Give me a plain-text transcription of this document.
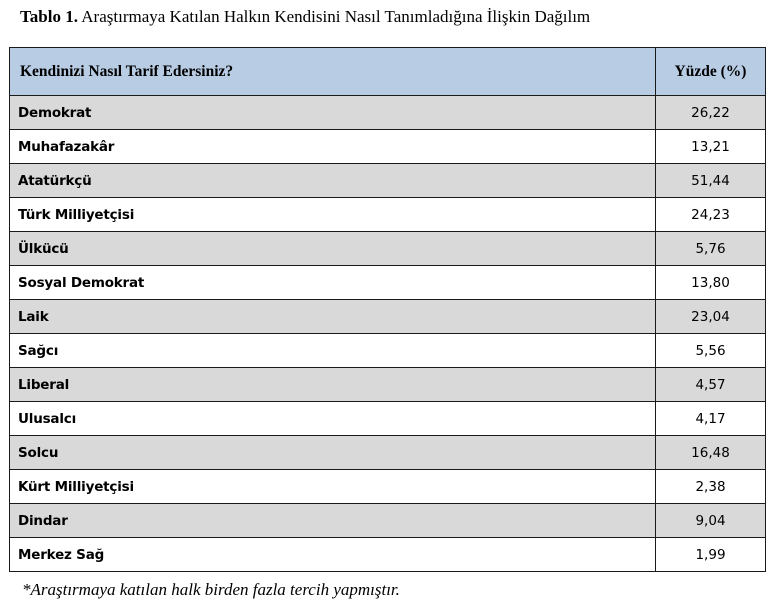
Tablo 1. Araştırmaya Katılan Halkın Kendisini Nasıl Tanımladığına İlişkin Dağılım
Kendinizi Nasıl Tarif Edersiniz?	Yüzde (%)
Demokrat	26,22
Muhafazakâr	13,21
Atatürkçü	51,44
Türk Milliyetçisi	24,23
Ülkücü	5,76
Sosyal Demokrat	13,80
Laik	23,04
Sağcı	5,56
Liberal	4,57
Ulusalcı	4,17
Solcu	16,48
Kürt Milliyetçisi	2,38
Dindar	9,04
Merkez Sağ	1,99
*Araştırmaya katılan halk birden fazla tercih yapmıştır.
